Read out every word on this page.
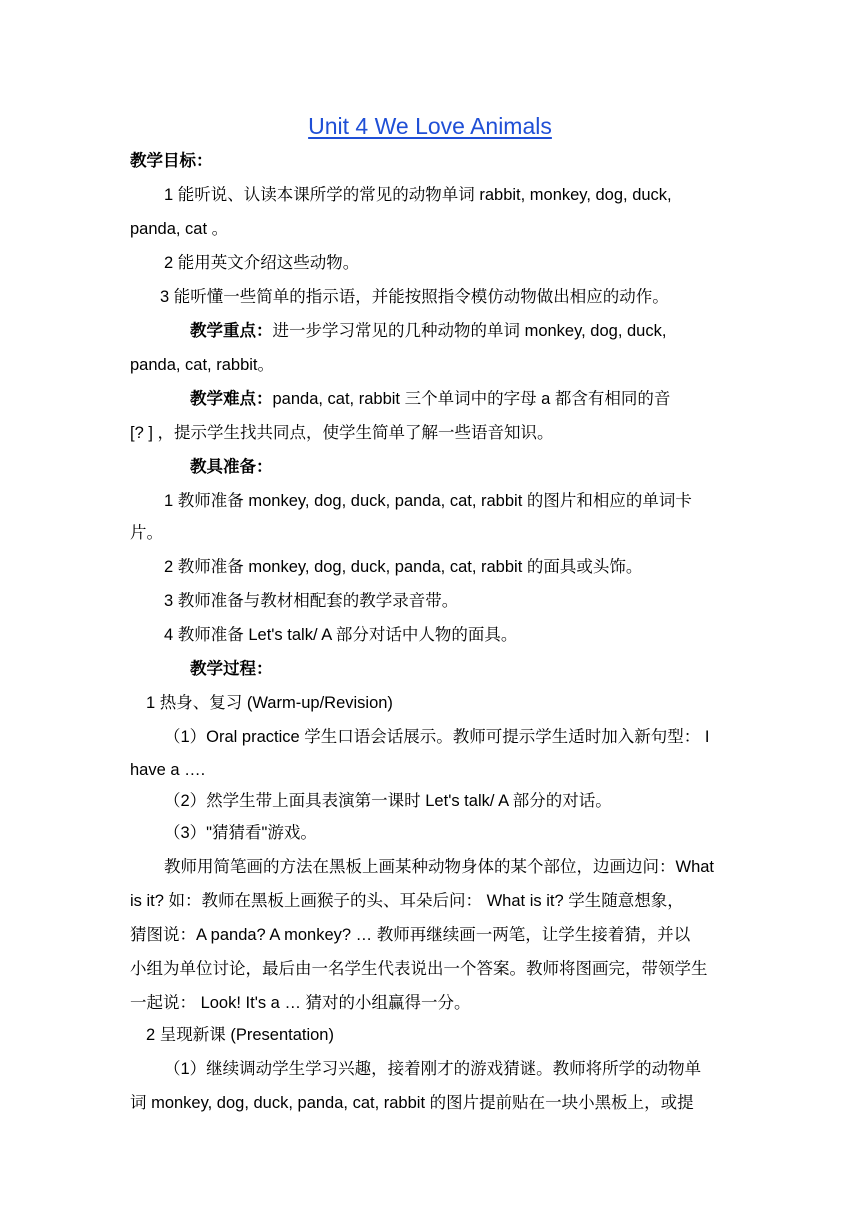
Unit 4 We Love Animals
教学目标：
1 能听说、认读本课所学的常见的动物单词 rabbit, monkey, dog, duck,
panda, cat 。
2 能用英文介绍这些动物。
3 能听懂一些简单的指示语，并能按照指令模仿动物做出相应的动作。
教学重点：进一步学习常见的几种动物的单词 monkey, dog, duck,
panda, cat, rabbit。
教学难点：panda, cat, rabbit 三个单词中的字母 a 都含有相同的音
[? ] ，提示学生找共同点，使学生简单了解一些语音知识。
教具准备：
1 教师准备 monkey, dog, duck, panda, cat, rabbit 的图片和相应的单词卡
片。
2 教师准备 monkey, dog, duck, panda, cat, rabbit 的面具或头饰。
3 教师准备与教材相配套的教学录音带。
4 教师准备 Let's talk/ A 部分对话中人物的面具。
教学过程：
1 热身、复习 (Warm-up/Revision)
（1）Oral practice 学生口语会话展示。教师可提示学生适时加入新句型： I
have a ….
（2）然学生带上面具表演第一课时 Let's talk/ A 部分的对话。
（3）"猜猜看"游戏。
教师用简笔画的方法在黑板上画某种动物身体的某个部位，边画边问：What
is it? 如：教师在黑板上画猴子的头、耳朵后问： What is it? 学生随意想象，
猜图说：A panda? A monkey? … 教师再继续画一两笔，让学生接着猜，并以
小组为单位讨论，最后由一名学生代表说出一个答案。教师将图画完，带领学生
一起说： Look! It's a … 猜对的小组赢得一分。
2 呈现新课 (Presentation)
（1）继续调动学生学习兴趣，接着刚才的游戏猜谜。教师将所学的动物单
词 monkey, dog, duck, panda, cat, rabbit 的图片提前贴在一块小黑板上，或提
